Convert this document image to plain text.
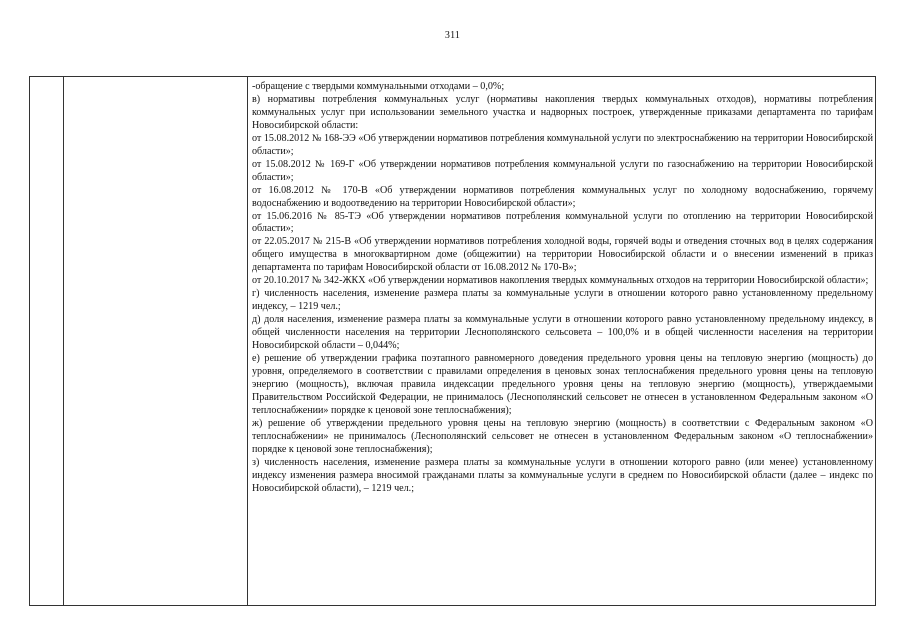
311

-обращение с твердыми коммунальными отходами – 0,0%;

в) нормативы потребления коммунальных услуг (нормативы накопления твердых коммунальных отходов), нормативы потребления коммунальных услуг при использовании земельного участка и надворных построек, утвержденные приказами департамента по тарифам Новосибирской области:

от 15.08.2012 № 168-ЭЭ «Об утверждении нормативов потребления коммунальной услуги по электроснабжению на территории Новосибирской области»;

от 15.08.2012 № 169-Г «Об утверждении нормативов потребления коммунальной услуги по газоснабжению на территории Новосибирской области»;

от 16.08.2012 № 170-В «Об утверждении нормативов потребления коммунальных услуг по холодному водоснабжению, горячему водоснабжению и водоотведению на территории Новосибирской области»;

от 15.06.2016 № 85-ТЭ «Об утверждении нормативов потребления коммунальной услуги по отоплению на территории Новосибирской области»;

от 22.05.2017 № 215-В «Об утверждении нормативов потребления холодной воды, горячей воды и отведения сточных вод в целях содержания общего имущества в многоквартирном доме (общежитии) на территории Новосибирской области и о внесении изменений в приказ департамента по тарифам Новосибирской области от 16.08.2012 № 170-В»;

от 20.10.2017 № 342-ЖКХ «Об утверждении нормативов накопления твердых коммунальных отходов на территории Новосибирской области»;

г) численность населения, изменение размера платы за коммунальные услуги в отношении которого равно установленному предельному индексу, – 1219 чел.;

д) доля населения, изменение размера платы за коммунальные услуги в отношении которого равно установленному предельному индексу, в общей численности населения на территории Леснополянского сельсовета – 100,0% и в общей численности населения на территории Новосибирской области – 0,044%;

е) решение об утверждении графика поэтапного равномерного доведения предельного уровня цены на тепловую энергию (мощность) до уровня, определяемого в соответствии с правилами определения в ценовых зонах теплоснабжения предельного уровня цены на тепловую энергию (мощность), включая правила индексации предельного уровня цены на тепловую энергию (мощность), утверждаемыми Правительством Российской Федерации, не принималось (Леснополянский сельсовет не отнесен в установленном Федеральным законом «О теплоснабжении» порядке к ценовой зоне теплоснабжения);

ж) решение об утверждении предельного уровня цены на тепловую энергию (мощность) в соответствии с Федеральным законом «О теплоснабжении» не принималось (Леснополянский сельсовет не отнесен в установленном Федеральным законом «О теплоснабжении» порядке к ценовой зоне теплоснабжения);

з) численность населения, изменение размера платы за коммунальные услуги в отношении которого равно (или менее) установленному индексу изменения размера вносимой гражданами платы за коммунальные услуги в среднем по Новосибирской области (далее – индекс по Новосибирской области), – 1219 чел.;
